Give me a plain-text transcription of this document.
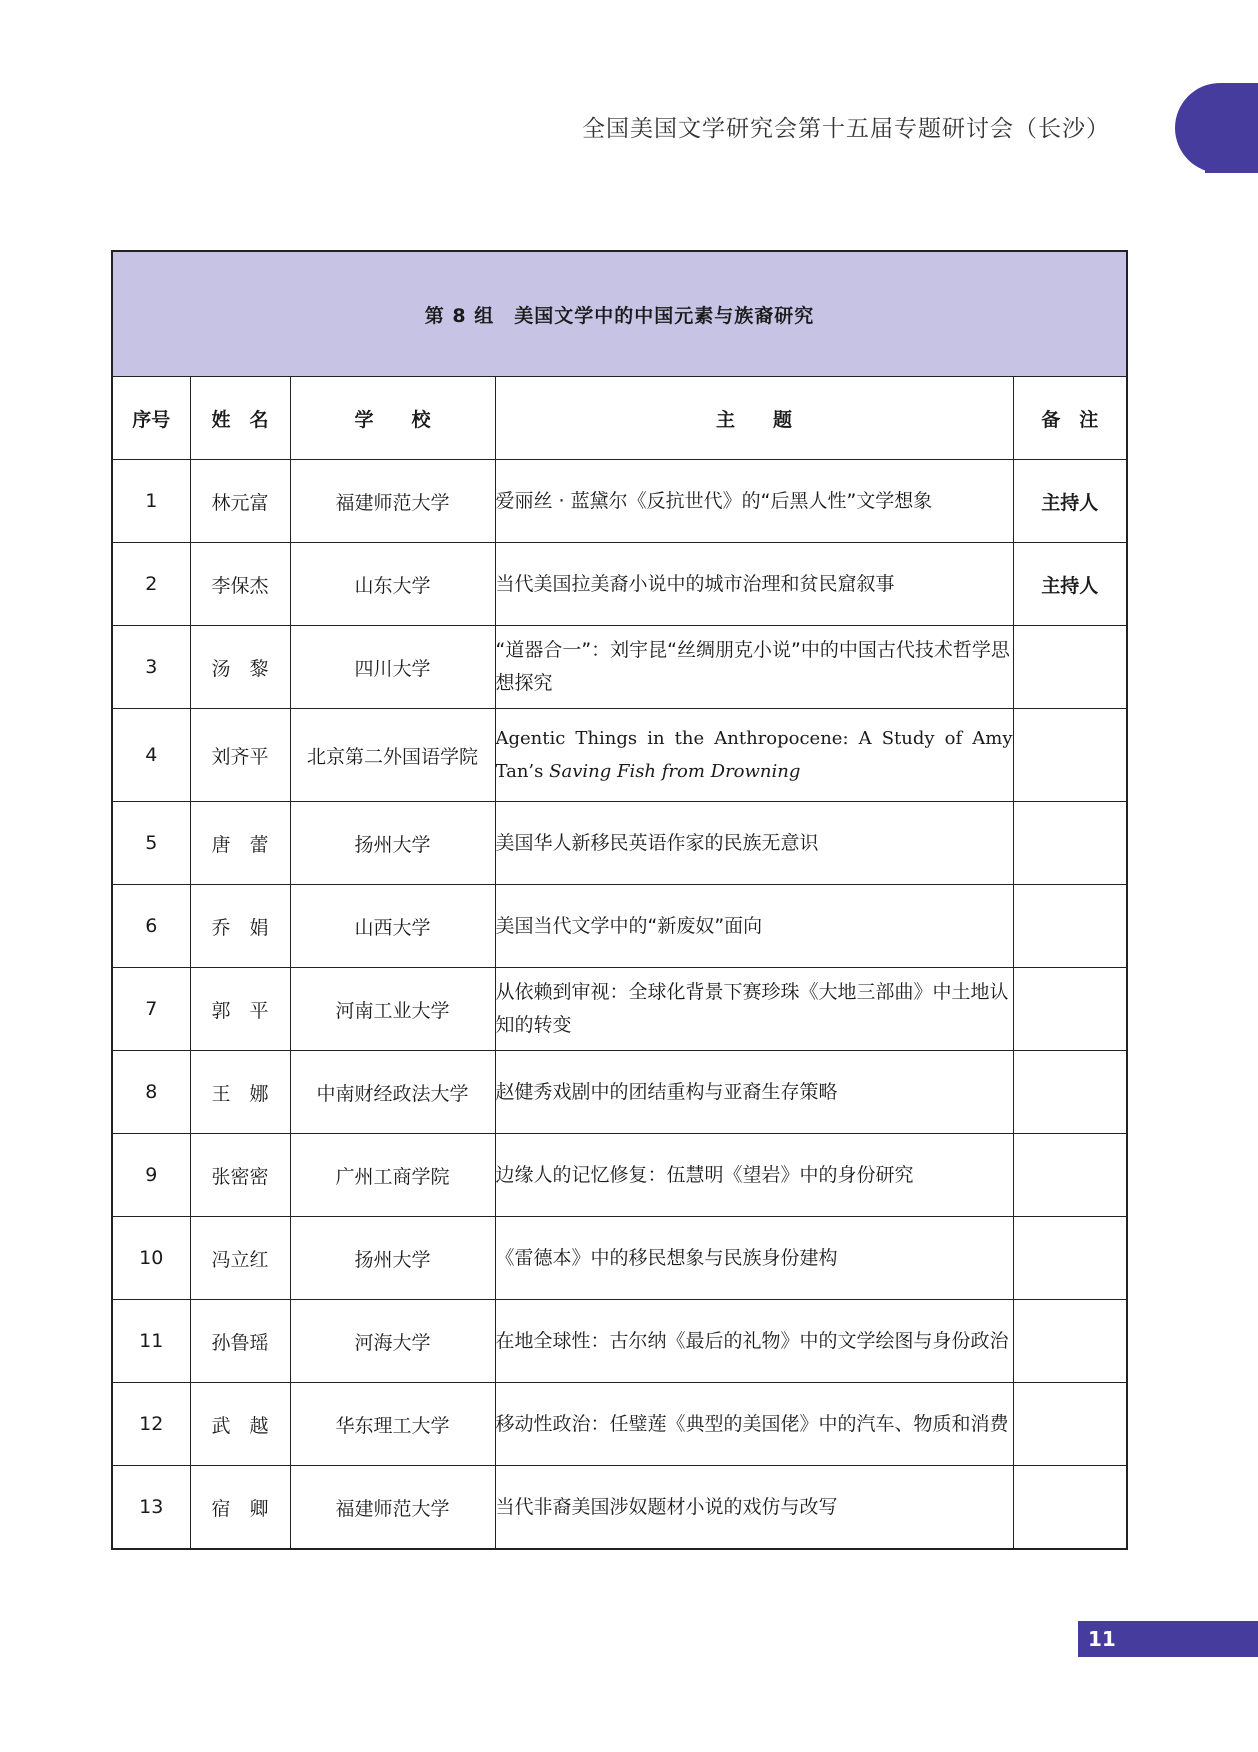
全国美国文学研究会第十五届专题研讨会（长沙）
第 8 组　美国文学中的中国元素与族裔研究				
序号	姓　名	学　　校	主　　题	备　注
1	林元富	福建师范大学	爱丽丝 · 蓝黛尔《反抗世代》的“后黑人性”文学想象	主持人
2	李保杰	山东大学	当代美国拉美裔小说中的城市治理和贫民窟叙事	主持人
3	汤　黎	四川大学	“道器合一”：刘宇昆“丝绸朋克小说”中的中国古代技术哲学思想探究	
4	刘齐平	北京第二外国语学院	Agentic Things in the Anthropocene: A Study of Amy Tan’s Saving Fish from Drowning	
5	唐　蕾	扬州大学	美国华人新移民英语作家的民族无意识	
6	乔　娟	山西大学	美国当代文学中的“新废奴”面向	
7	郭　平	河南工业大学	从依赖到审视：全球化背景下赛珍珠《大地三部曲》中土地认知的转变	
8	王　娜	中南财经政法大学	赵健秀戏剧中的团结重构与亚裔生存策略	
9	张密密	广州工商学院	边缘人的记忆修复：伍慧明《望岩》中的身份研究	
10	冯立红	扬州大学	《雷德本》中的移民想象与民族身份建构	
11	孙鲁瑶	河海大学	在地全球性：古尔纳《最后的礼物》中的文学绘图与身份政治	
12	武　越	华东理工大学	移动性政治：任璧莲《典型的美国佬》中的汽车、物质和消费	
13	宿　卿	福建师范大学	当代非裔美国涉奴题材小说的戏仿与改写	
11
